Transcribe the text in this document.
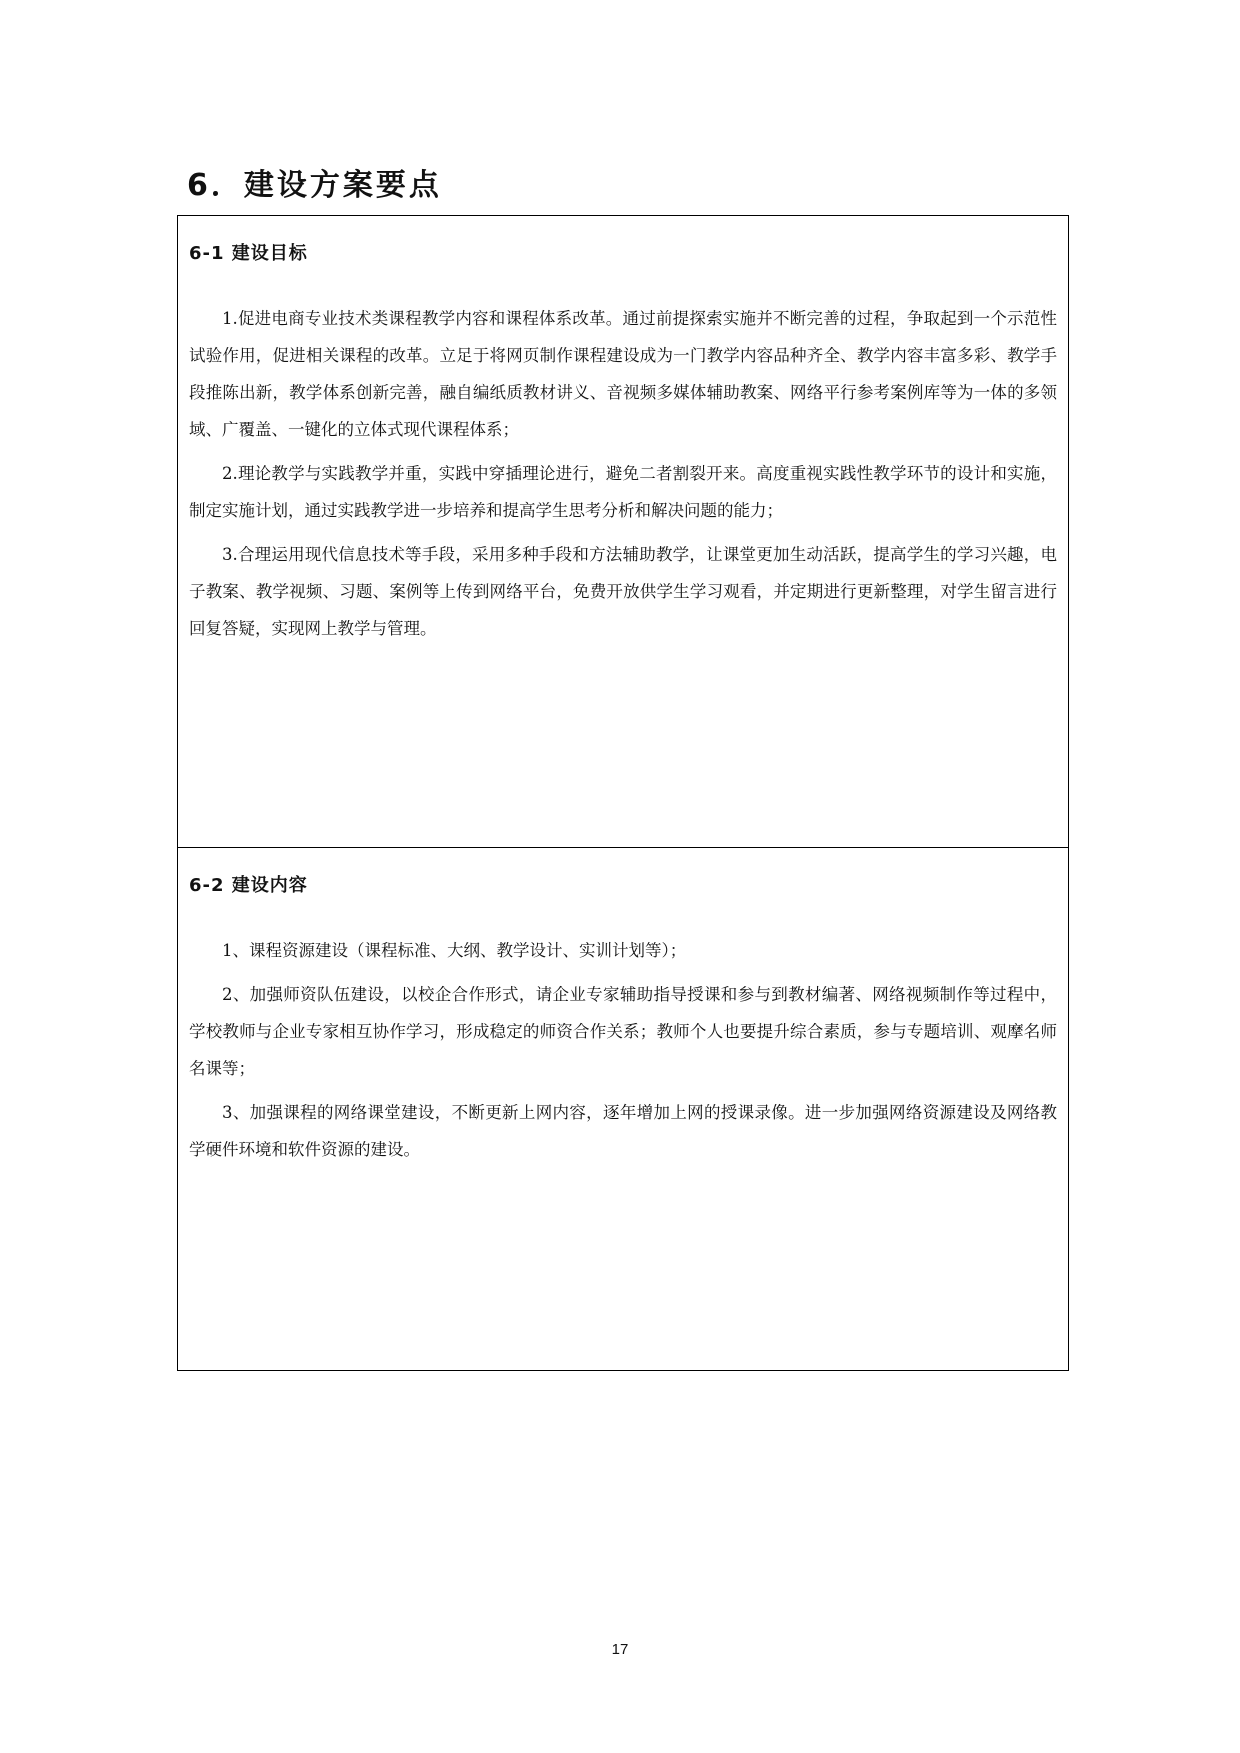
6．建设方案要点
6-1 建设目标

1.促进电商专业技术类课程教学内容和课程体系改革。通过前提探索实施并不断完善的过程，争取起到一个示范性试验作用，促进相关课程的改革。立足于将网页制作课程建设成为一门教学内容品种齐全、教学内容丰富多彩、教学手段推陈出新，教学体系创新完善，融自编纸质教材讲义、音视频多媒体辅助教案、网络平行参考案例库等为一体的多领域、广覆盖、一键化的立体式现代课程体系；

2.理论教学与实践教学并重，实践中穿插理论进行，避免二者割裂开来。高度重视实践性教学环节的设计和实施，制定实施计划，通过实践教学进一步培养和提高学生思考分析和解决问题的能力；

3.合理运用现代信息技术等手段，采用多种手段和方法辅助教学，让课堂更加生动活跃，提高学生的学习兴趣，电子教案、教学视频、习题、案例等上传到网络平台，免费开放供学生学习观看，并定期进行更新整理，对学生留言进行回复答疑，实现网上教学与管理。

6-2 建设内容

1、课程资源建设（课程标准、大纲、教学设计、实训计划等）；

2、加强师资队伍建设，以校企合作形式，请企业专家辅助指导授课和参与到教材编著、网络视频制作等过程中，学校教师与企业专家相互协作学习，形成稳定的师资合作关系；教师个人也要提升综合素质，参与专题培训、观摩名师名课等；

3、加强课程的网络课堂建设，不断更新上网内容，逐年增加上网的授课录像。进一步加强网络资源建设及网络教学硬件环境和软件资源的建设。

17
